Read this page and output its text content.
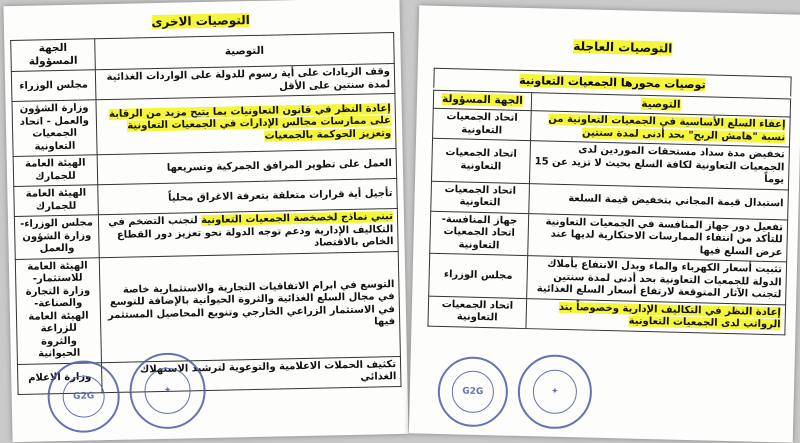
التوصيات الاخرى
التوصية	الجهة المسؤولة
وقف الزيادات على أية رسوم للدولة على الواردات الغذائية لمدة سنتين على الأقل	مجلس الوزراء
إعادة النظر في قانون التعاونيات بما يتيح مزيد من الرقابة على ممارسات مجالس الإدارات في الجمعيات التعاونية وتعزيز الحوكمة بالجمعيات	وزارة الشؤون والعمل - اتحاد الجمعيات التعاونية
العمل على تطوير المرافق الجمركية وتسريعها	الهيئة العامة للجمارك
تأجيل أية قرارات متعلقة بتعرفة الاغراق محلياً	الهيئة العامة للجمارك
تبني نماذج لخصخصة الجمعيات التعاونية لتجنب التضخم في التكاليف الإدارية ودعم توجه الدولة نحو تعزيز دور القطاع الخاص بالاقتصاد	مجلس الوزراء- وزارة الشؤون والعمل
التوسع في ابرام الاتفاقيات التجارية والاستثمارية خاصة في مجال السلع الغذائية والثروة الحيوانية بالإضافة للتوسع في الاستثمار الزراعي الخارجي وتنويع المحاصيل المستثمر فيها	الهيئة العامة للاستثمار- وزارة التجارة والصناعة- الهيئة العامة للزراعة والثروة الحيوانية
تكثيف الحملات الاعلامية والتوعوية لترشيد الاستهلاك الغذائي	وزارة الاعلام
G2G
✦
التوصيات العاجلة
توصيات محورها الجمعيات التعاونية
التوصية	الجهة المسؤولة
إعفاء السلع الأساسية في الجمعيات التعاونية من نسبة "هامش الربح" بحد أدنى لمدة سنتين	اتحاد الجمعيات التعاونية
تخفيض مدة سداد مستحقات الموردين لدى الجمعيات التعاونية لكافة السلع بحيث لا تزيد عن 15 يوماً	اتحاد الجمعيات التعاونية
استبدال قيمة المجاني بتخفيض قيمة السلعة	اتحاد الجمعيات التعاونية
تفعيل دور جهاز المنافسة في الجمعيات التعاونية للتأكد من انتفاء الممارسات الاحتكارية لديها عند عرض السلع فيها	جهاز المنافسة- اتحاد الجمعيات التعاونية
تثبيت أسعار الكهرباء والماء وبدل الانتفاع بأملاك الدولة للجمعيات التعاونية بحد أدنى لمدة سنتين لتجنب الآثار المتوقعة لارتفاع أسعار السلع الغذائية	مجلس الوزراء
إعادة النظر في التكاليف الإدارية وخصوصاً بند الرواتب لدى الجمعيات التعاونية	اتحاد الجمعيات التعاونية
G2G	✦
